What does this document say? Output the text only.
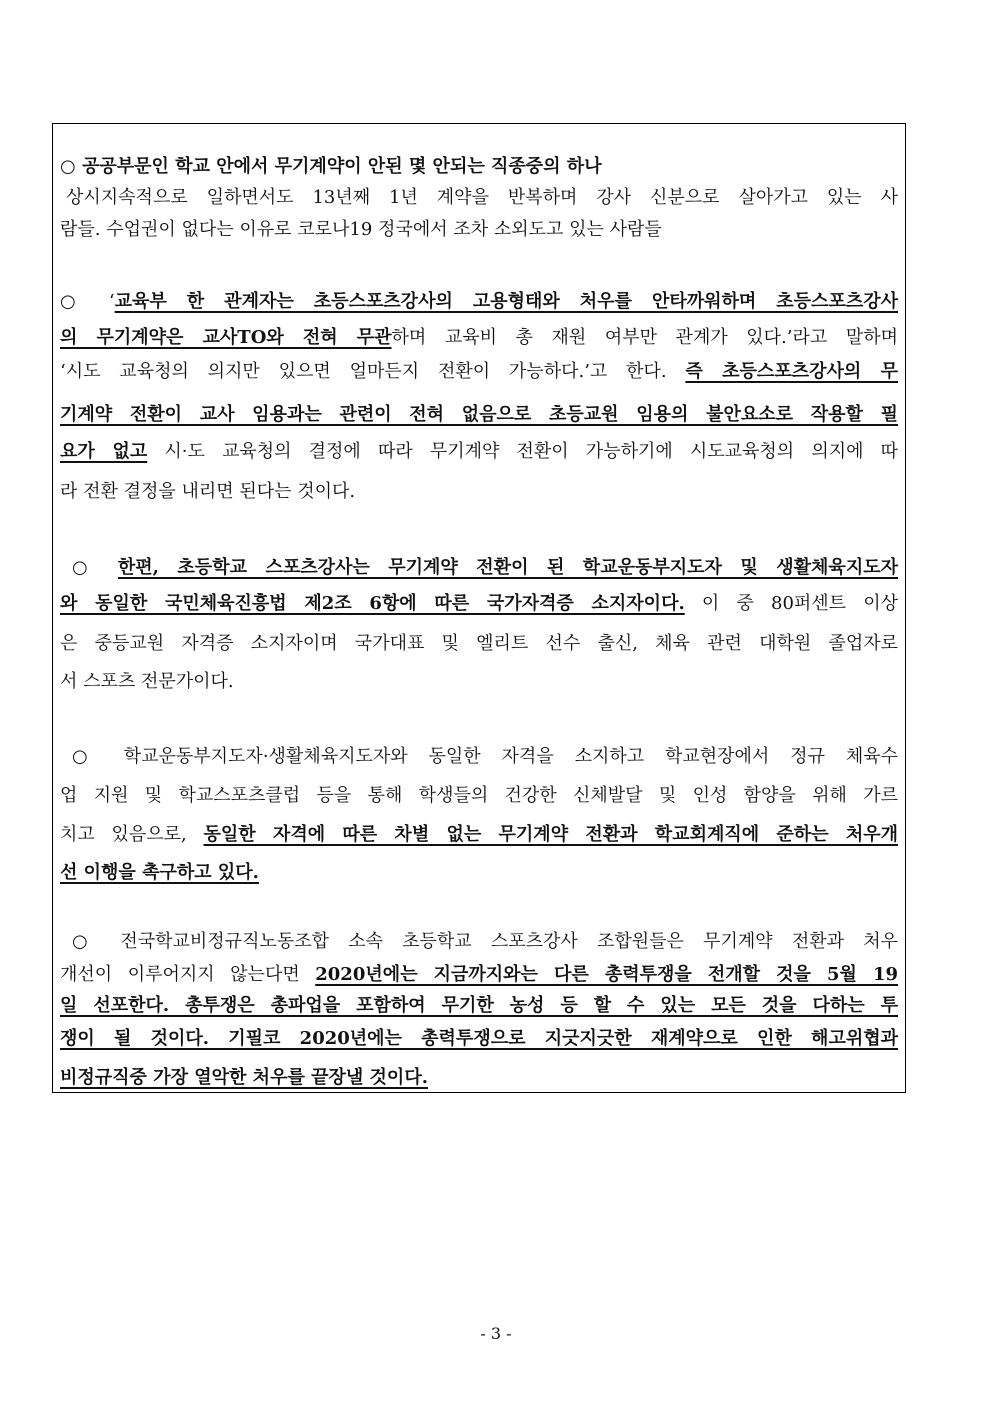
○ 공공부문인 학교 안에서 무기계약이 안된 몇 안되는 직종중의 하나
상시지속적으로 일하면서도 13년째 1년 계약을 반복하며 강사 신분으로 살아가고 있는 사
람들. 수업권이 없다는 이유로 코로나19 정국에서 조차 소외도고 있는 사람들
○ ‘교육부 한 관계자는 초등스포츠강사의 고용형태와 처우를 안타까워하며 초등스포츠강사
의 무기계약은 교사TO와 전혀 무관하며 교육비 총 재원 여부만 관계가 있다.’라고 말하며
‘시도 교육청의 의지만 있으면 얼마든지 전환이 가능하다.’고 한다. 즉 초등스포츠강사의 무
기계약 전환이 교사 임용과는 관련이 전혀 없음으로 초등교원 임용의 불안요소로 작용할 필
요가 없고 시·도 교육청의 결정에 따라 무기계약 전환이 가능하기에 시도교육청의 의지에 따
라 전환 결정을 내리면 된다는 것이다.
○ 한편, 초등학교 스포츠강사는 무기계약 전환이 된 학교운동부지도자 및 생활체육지도자
와 동일한 국민체육진흥법 제2조 6항에 따른 국가자격증 소지자이다. 이 중 80퍼센트 이상
은 중등교원 자격증 소지자이며 국가대표 및 엘리트 선수 출신, 체육 관련 대학원 졸업자로
서 스포츠 전문가이다.
○ 학교운동부지도자·생활체육지도자와 동일한 자격을 소지하고 학교현장에서 정규 체육수
업 지원 및 학교스포츠클럽 등을 통해 학생들의 건강한 신체발달 및 인성 함양을 위해 가르
치고 있음으로, 동일한 자격에 따른 차별 없는 무기계약 전환과 학교회계직에 준하는 처우개
선 이행을 촉구하고 있다.
○ 전국학교비정규직노동조합 소속 초등학교 스포츠강사 조합원들은 무기계약 전환과 처우
개선이 이루어지지 않는다면 2020년에는 지금까지와는 다른 총력투쟁을 전개할 것을 5월 19
일 선포한다. 총투쟁은 총파업을 포함하여 무기한 농성 등 할 수 있는 모든 것을 다하는 투
쟁이 될 것이다. 기필코 2020년에는 총력투쟁으로 지긋지긋한 재계약으로 인한 해고위협과
비정규직중 가장 열악한 처우를 끝장낼 것이다.
- 3 -
